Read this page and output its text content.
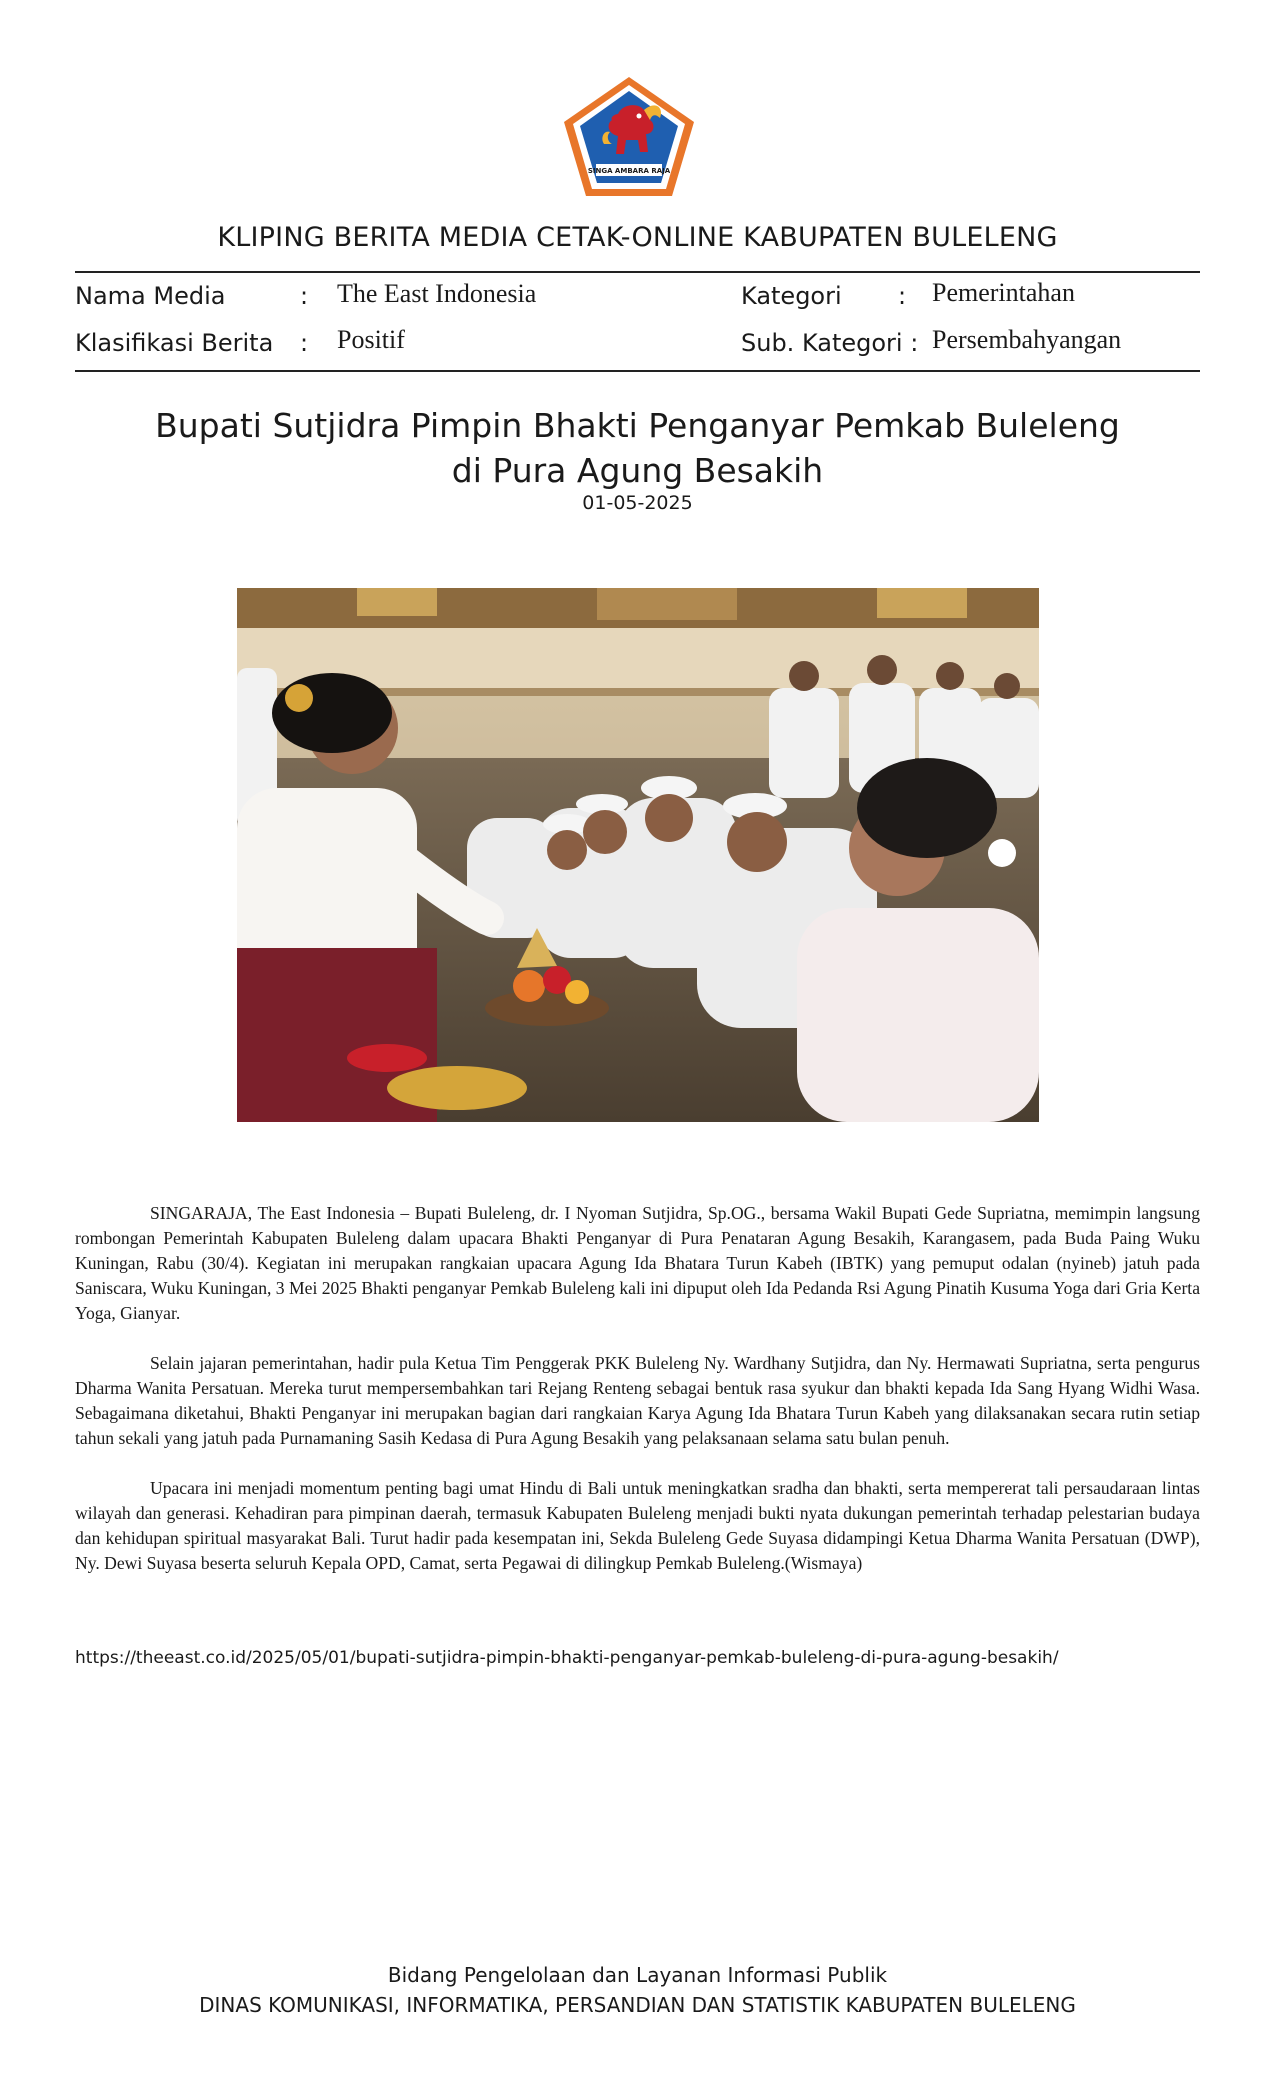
SINGA AMBARA RAJA
KLIPING BERITA MEDIA CETAK-ONLINE KABUPATEN BULELENG
Nama Media	: The East Indonesia	Kategori : Pemerintahan
Klasifikasi Berita : Positif	Sub. Kategori : Persembahyangan
Bupati Sutjidra Pimpin Bhakti Penganyar Pemkab Buleleng
di Pura Agung Besakih
01-05-2025

SINGARAJA, The East Indonesia – Bupati Buleleng, dr. I Nyoman Sutjidra, Sp.OG., bersama Wakil Bupati Gede Supriatna, memimpin langsung rombongan Pemerintah Kabupaten Buleleng dalam upacara Bhakti Penganyar di Pura Penataran Agung Besakih, Karangasem, pada Buda Paing Wuku Kuningan, Rabu (30/4). Kegiatan ini merupakan rangkaian upacara Agung Ida Bhatara Turun Kabeh (IBTK) yang pemuput odalan (nyineb) jatuh pada Saniscara, Wuku Kuningan, 3 Mei 2025 Bhakti penganyar Pemkab Buleleng kali ini dipuput oleh Ida Pedanda Rsi Agung Pinatih Kusuma Yoga dari Gria Kerta Yoga, Gianyar.

Selain jajaran pemerintahan, hadir pula Ketua Tim Penggerak PKK Buleleng Ny. Wardhany Sutjidra, dan Ny. Hermawati Supriatna, serta pengurus Dharma Wanita Persatuan. Mereka turut mempersembahkan tari Rejang Renteng sebagai bentuk rasa syukur dan bhakti kepada Ida Sang Hyang Widhi Wasa. Sebagaimana diketahui, Bhakti Penganyar ini merupakan bagian dari rangkaian Karya Agung Ida Bhatara Turun Kabeh yang dilaksanakan secara rutin setiap tahun sekali yang jatuh pada Purnamaning Sasih Kedasa di Pura Agung Besakih yang pelaksanaan selama satu bulan penuh.

Upacara ini menjadi momentum penting bagi umat Hindu di Bali untuk meningkatkan sradha dan bhakti, serta mempererat tali persaudaraan lintas wilayah dan generasi. Kehadiran para pimpinan daerah, termasuk Kabupaten Buleleng menjadi bukti nyata dukungan pemerintah terhadap pelestarian budaya dan kehidupan spiritual masyarakat Bali. Turut hadir pada kesempatan ini, Sekda Buleleng Gede Suyasa didampingi Ketua Dharma Wanita Persatuan (DWP), Ny. Dewi Suyasa beserta seluruh Kepala OPD, Camat, serta Pegawai di dilingkup Pemkab Buleleng.(Wismaya)

https://theeast.co.id/2025/05/01/bupati-sutjidra-pimpin-bhakti-penganyar-pemkab-buleleng-di-pura-agung-besakih/
Bidang Pengelolaan dan Layanan Informasi Publik
DINAS KOMUNIKASI, INFORMATIKA, PERSANDIAN DAN STATISTIK KABUPATEN BULELENG
